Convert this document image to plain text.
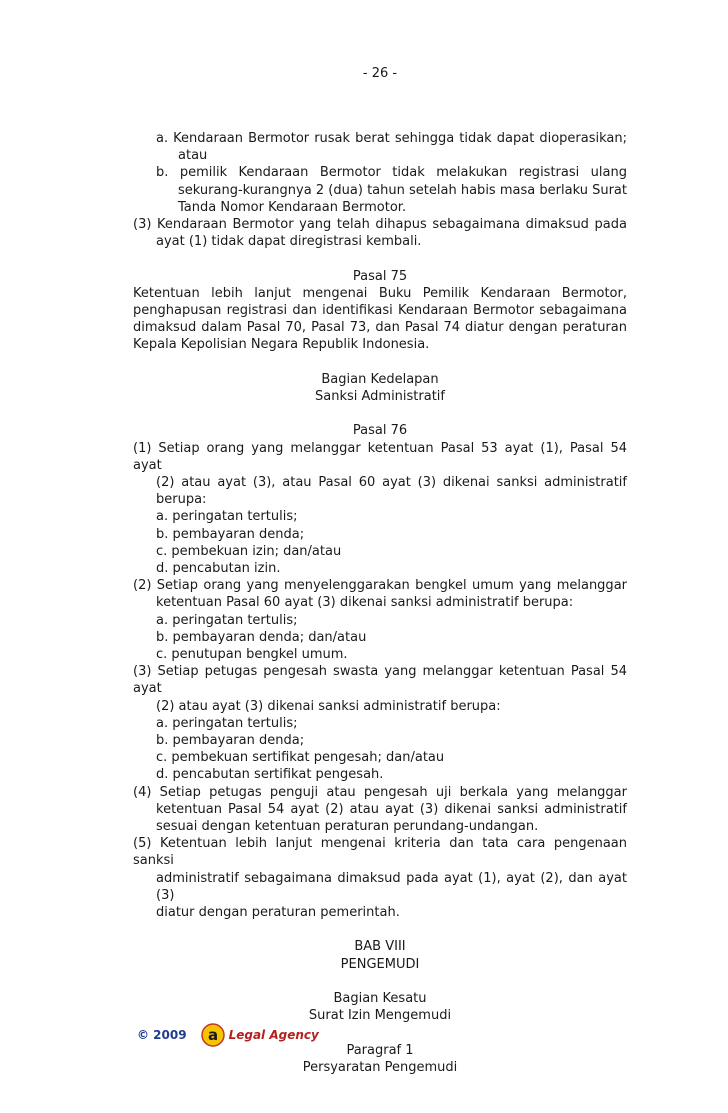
- 26 -
a. Kendaraan Bermotor rusak berat sehingga tidak dapat dioperasikan;
atau
b. pemilik Kendaraan Bermotor tidak melakukan registrasi ulang
sekurang-kurangnya 2 (dua) tahun setelah habis masa berlaku Surat
Tanda Nomor Kendaraan Bermotor.
(3) Kendaraan Bermotor yang telah dihapus sebagaimana dimaksud pada
ayat (1) tidak dapat diregistrasi kembali.
Pasal 75
Ketentuan lebih lanjut mengenai Buku Pemilik Kendaraan Bermotor,
penghapusan registrasi dan identifikasi Kendaraan Bermotor sebagaimana
dimaksud dalam Pasal 70, Pasal 73, dan Pasal 74 diatur dengan peraturan
Kepala Kepolisian Negara Republik Indonesia.
Bagian Kedelapan
Sanksi Administratif
Pasal 76
(1) Setiap orang yang melanggar ketentuan Pasal 53 ayat (1), Pasal 54 ayat
(2) atau ayat (3), atau Pasal 60 ayat (3) dikenai sanksi administratif
berupa:
a. peringatan tertulis;
b. pembayaran denda;
c. pembekuan izin; dan/atau
d. pencabutan izin.
(2) Setiap orang yang menyelenggarakan bengkel umum yang melanggar
ketentuan Pasal 60 ayat (3) dikenai sanksi administratif berupa:
a. peringatan tertulis;
b. pembayaran denda; dan/atau
c. penutupan bengkel umum.
(3) Setiap petugas pengesah swasta yang melanggar ketentuan Pasal 54 ayat
(2) atau ayat (3) dikenai sanksi administratif berupa:
a. peringatan tertulis;
b. pembayaran denda;
c. pembekuan sertifikat pengesah; dan/atau
d. pencabutan sertifikat pengesah.
(4) Setiap petugas penguji atau pengesah uji berkala yang melanggar
ketentuan Pasal 54 ayat (2) atau ayat (3) dikenai sanksi administratif
sesuai dengan ketentuan peraturan perundang-undangan.
(5) Ketentuan lebih lanjut mengenai kriteria dan tata cara pengenaan sanksi
administratif sebagaimana dimaksud pada ayat (1), ayat (2), dan ayat (3)
diatur dengan peraturan pemerintah.
BAB VIII
PENGEMUDI
Bagian Kesatu
Surat Izin Mengemudi
Paragraf 1
Persyaratan Pengemudi
© 2009 a Legal Agency
